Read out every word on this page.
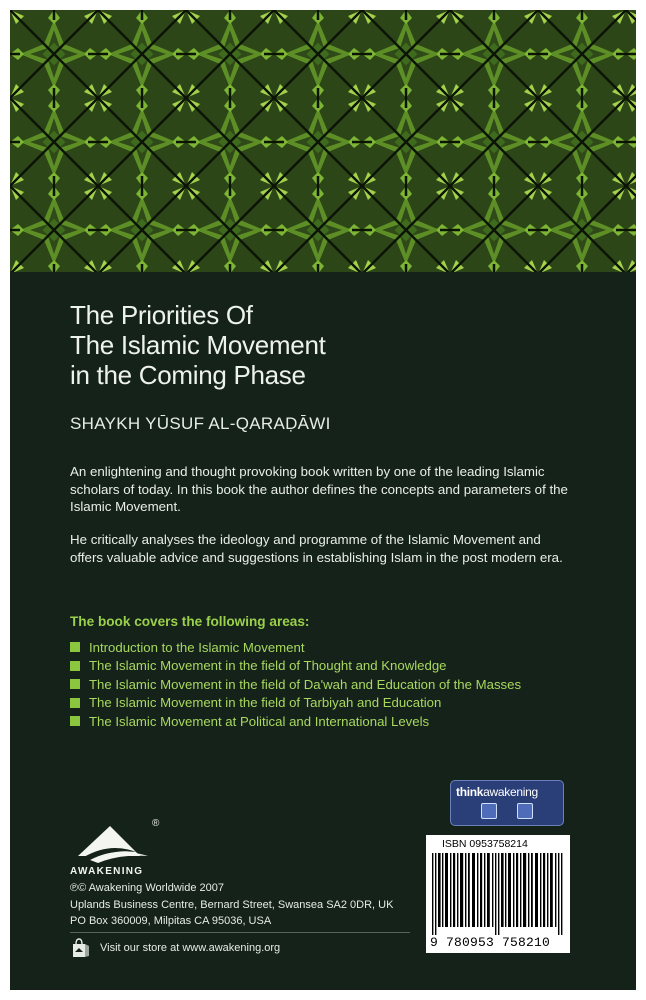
The Priorities Of
The Islamic Movement
in the Coming Phase
SHAYKH YŪSUF AL-QARAḌĀWI

An enlightening and thought provoking book written by one of the leading Islamic scholars of today. In this book the author defines the concepts and parameters of the Islamic Movement.

He critically analyses the ideology and programme of the Islamic Movement and offers valuable advice and suggestions in establishing Islam in the post modern era.

The book covers the following areas:
Introduction to the Islamic Movement
The Islamic Movement in the field of Thought and Knowledge
The Islamic Movement in the field of Da'wah and Education of the Masses
The Islamic Movement in the field of Tarbiyah and Education
The Islamic Movement at Political and International Levels
AWAKENING
®
℗© Awakening Worldwide 2007
Uplands Business Centre, Bernard Street, Swansea SA2 0DR, UK
PO Box 360009, Milpitas CA 95036, USA
Visit our store at www.awakening.org
thinkawakening
ISBN 0953758214
9 780953 758210
